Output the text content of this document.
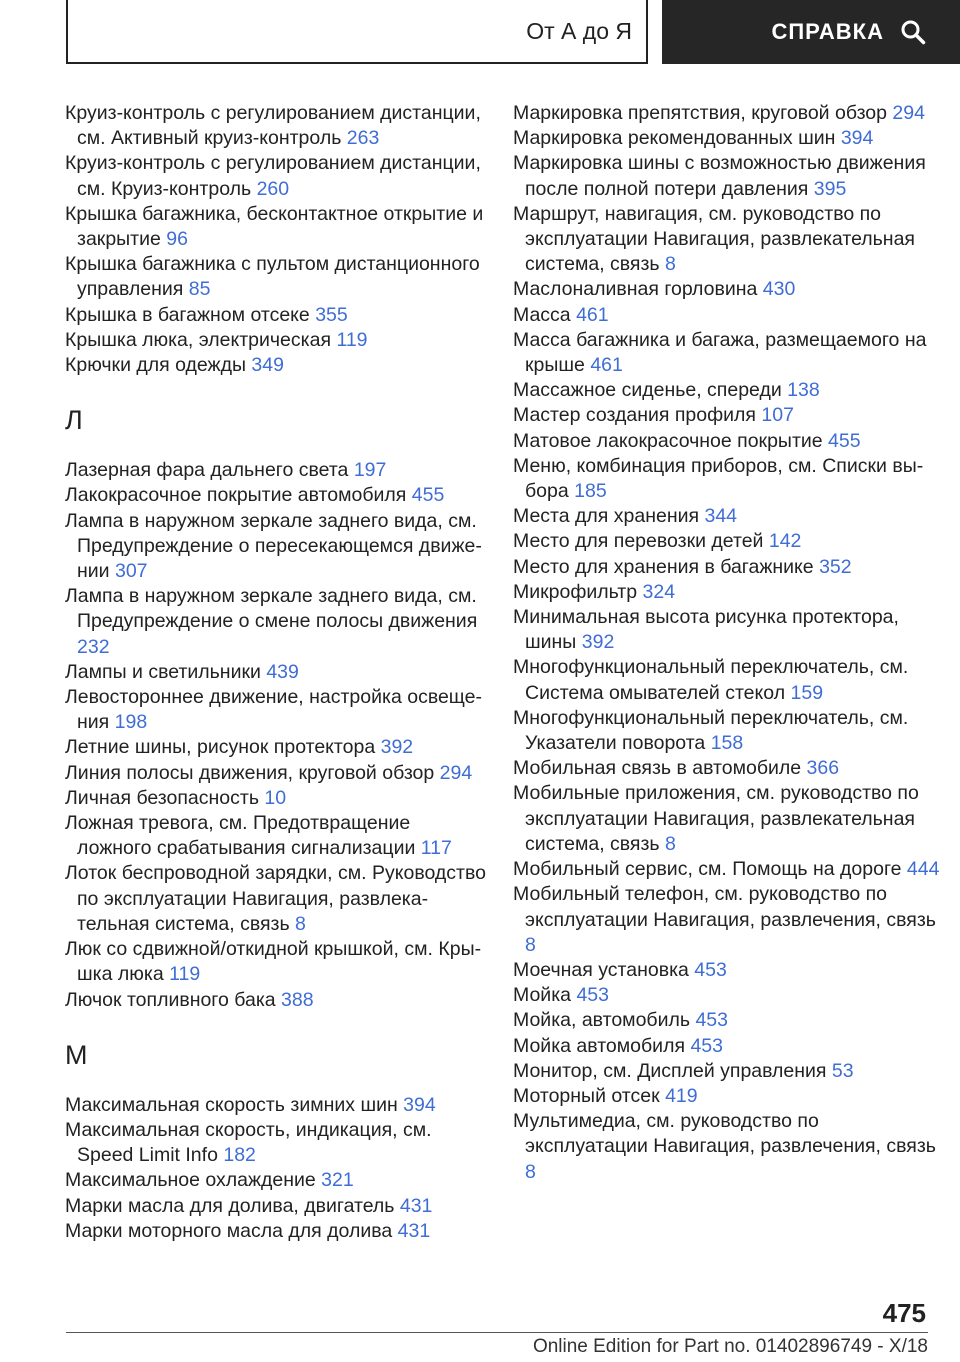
От А до Я	СПРАВКА

Круиз-контроль с регулированием дистанции, см. Активный круиз-контроль 263

Круиз-контроль с регулированием дистанции, см. Круиз-контроль 260

Крышка багажника, бесконтактное открытие и закрытие 96

Крышка багажника с пультом дистанционного управления 85

Крышка в багажном отсеке 355

Крышка люка, электрическая 119

Крючки для одежды 349

Л

Лазерная фара дальнего света 197

Лакокрасочное покрытие автомобиля 455

Лампа в наружном зеркале заднего вида, см. Предупреждение о пересекающемся движении 307

Лампа в наружном зеркале заднего вида, см. Предупреждение о смене полосы движения 232

Лампы и светильники 439

Левостороннее движение, настройка освещения 198

Летние шины, рисунок протектора 392

Линия полосы движения, круговой обзор 294

Личная безопасность 10

Ложная тревога, см. Предотвращение ложного срабатывания сигнализации 117

Лоток беспроводной зарядки, см. Руководство по эксплуатации Навигация, развлекательная система, связь 8

Люк со сдвижной/откидной крышкой, см. Крышка люка 119

Лючок топливного бака 388

М

Максимальная скорость зимних шин 394

Максимальная скорость, индикация, см. Speed Limit Info 182

Максимальное охлаждение 321

Марки масла для долива, двигатель 431

Марки моторного масла для долива 431

Маркировка препятствия, круговой обзор 294

Маркировка рекомендованных шин 394

Маркировка шины с возможностью движения после полной потери давления 395

Маршрут, навигация, см. руководство по эксплуатации Навигация, развлекательная система, связь 8

Маслоналивная горловина 430

Масса 461

Масса багажника и багажа, размещаемого на крыше 461

Массажное сиденье, спереди 138

Мастер создания профиля 107

Матовое лакокрасочное покрытие 455

Меню, комбинация приборов, см. Списки выбора 185

Места для хранения 344

Место для перевозки детей 142

Место для хранения в багажнике 352

Микрофильтр 324

Минимальная высота рисунка протектора, шины 392

Многофункциональный переключатель, см. Система омывателей стекол 159

Многофункциональный переключатель, см. Указатели поворота 158

Мобильная связь в автомобиле 366

Мобильные приложения, см. руководство по эксплуатации Навигация, развлекательная система, связь 8

Мобильный сервис, см. Помощь на дороге 444

Мобильный телефон, см. руководство по эксплуатации Навигация, развлечения, связь 8

Моечная установка 453

Мойка 453

Мойка, автомобиль 453

Мойка автомобиля 453

Монитор, см. Дисплей управления 53

Моторный отсек 419

Мультимедиа, см. руководство по эксплуатации Навигация, развлечения, связь 8

475
Online Edition for Part no. 01402896749 - X/18
